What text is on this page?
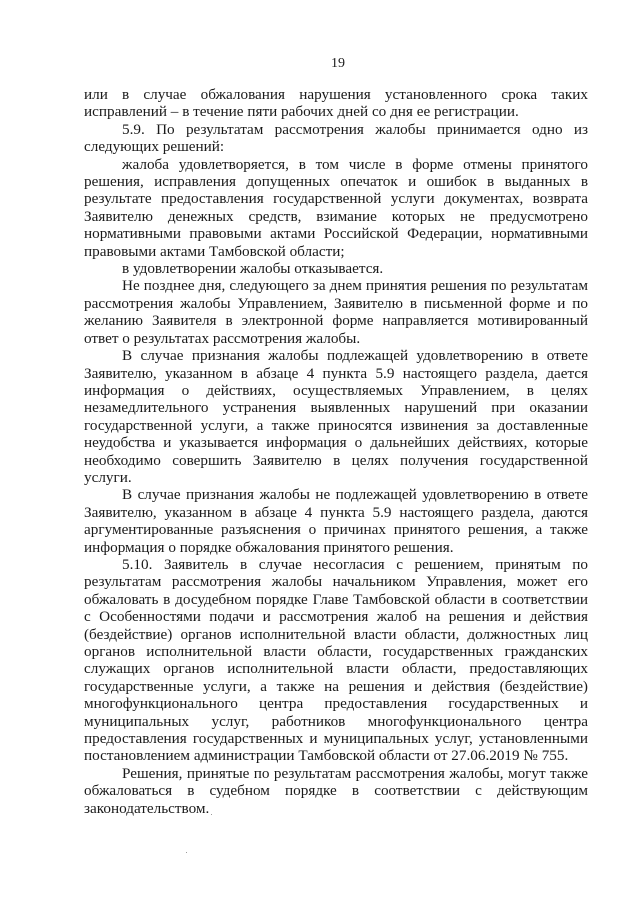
19

или в случае обжалования нарушения установленного срока таких исправлений – в течение пяти рабочих дней со дня ее регистрации.

5.9. По результатам рассмотрения жалобы принимается одно из следующих решений:

жалоба удовлетворяется, в том числе в форме отмены принятого решения, исправления допущенных опечаток и ошибок в выданных в результате предоставления государственной услуги документах, возврата Заявителю денежных средств, взимание которых не предусмотрено нормативными правовыми актами Российской Федерации, нормативными правовыми актами Тамбовской области;

в удовлетворении жалобы отказывается.

Не позднее дня, следующего за днем принятия решения по результатам рассмотрения жалобы Управлением, Заявителю в письменной форме и по желанию Заявителя в электронной форме направляется мотивированный ответ о результатах рассмотрения жалобы.

В случае признания жалобы подлежащей удовлетворению в ответе Заявителю, указанном в абзаце 4 пункта 5.9 настоящего раздела, дается информация о действиях, осуществляемых Управлением, в целях незамедлительного устранения выявленных нарушений при оказании государственной услуги, а также приносятся извинения за доставленные неудобства и указывается информация о дальнейших действиях, которые необходимо совершить Заявителю в целях получения государственной услуги.

В случае признания жалобы не подлежащей удовлетворению в ответе Заявителю, указанном в абзаце 4 пункта 5.9 настоящего раздела, даются аргументированные разъяснения о причинах принятого решения, а также информация о порядке обжалования принятого решения.

5.10. Заявитель в случае несогласия с решением, принятым по результатам рассмотрения жалобы начальником Управления, может его обжаловать в досудебном порядке Главе Тамбовской области в соответствии с Особенностями подачи и рассмотрения жалоб на решения и действия (бездействие) органов исполнительной власти области, должностных лиц органов исполнительной власти области, государственных гражданских служащих органов исполнительной власти области, предоставляющих государственные услуги, а также на решения и действия (бездействие) многофункционального центра предоставления государственных и муниципальных услуг, работников многофункционального центра предоставления государственных и муниципальных услуг, установленными постановлением администрации Тамбовской области от 27.06.2019 № 755.

Решения, принятые по результатам рассмотрения жалобы, могут также обжаловаться в судебном порядке в соответствии с действующим законодательством.
